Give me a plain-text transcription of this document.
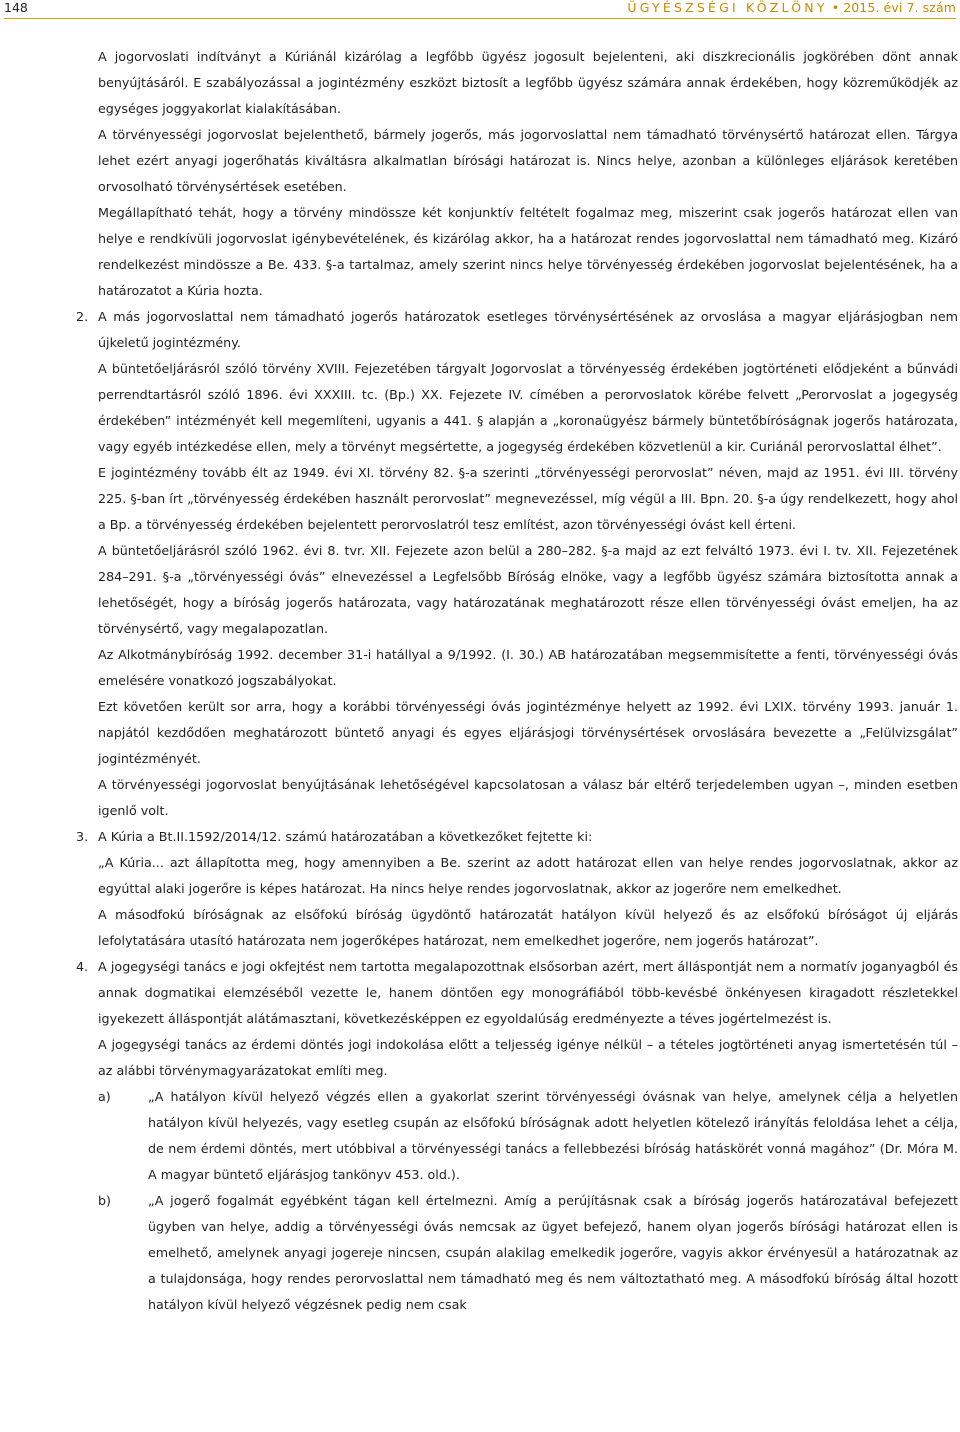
148	ÜGYÉSZSÉGI KÖZLÖNY • 2015. évi 7. szám

A jogorvoslati indítványt a Kúriánál kizárólag a legfőbb ügyész jogosult bejelenteni, aki diszkrecionális jogkörében dönt annak benyújtásáról. E szabályozással a jogintézmény eszközt biztosít a legfőbb ügyész számára annak érdekében, hogy közreműködjék az egységes joggyakorlat kialakításában.

A törvényességi jogorvoslat bejelenthető, bármely jogerős, más jogorvoslattal nem támadható törvénysértő határozat ellen. Tárgya lehet ezért anyagi jogerőhatás kiváltásra alkalmatlan bírósági határozat is. Nincs helye, azonban a különleges eljárások keretében orvosolható törvénysértések esetében.

Megállapítható tehát, hogy a törvény mindössze két konjunktív feltételt fogalmaz meg, miszerint csak jogerős határozat ellen van helye e rendkívüli jogorvoslat igénybevételének, és kizárólag akkor, ha a határozat rendes jogorvoslattal nem támadható meg. Kizáró rendelkezést mindössze a Be. 433. §-a tartalmaz, amely szerint nincs helye törvényesség érdekében jogorvoslat bejelentésének, ha a határozatot a Kúria hozta.

2. A más jogorvoslattal nem támadható jogerős határozatok esetleges törvénysértésének az orvoslása a magyar eljárásjogban nem újkeletű jogintézmény.

A büntetőeljárásról szóló törvény XVIII. Fejezetében tárgyalt Jogorvoslat a törvényesség érdekében jogtörténeti elődjeként a bűnvádi perrendtartásról szóló 1896. évi XXXIII. tc. (Bp.) XX. Fejezete IV. címében a perorvoslatok körébe felvett „Perorvoslat a jogegység érdekében” intézményét kell megemlíteni, ugyanis a 441. § alapján a „koronaügyész bármely büntetőbíróságnak jogerős határozata, vagy egyéb intézkedése ellen, mely a törvényt megsértette, a jogegység érdekében közvetlenül a kir. Curiánál perorvoslattal élhet”.

E jogintézmény tovább élt az 1949. évi XI. törvény 82. §-a szerinti „törvényességi perorvoslat” néven, majd az 1951. évi III. törvény 225. §-ban írt „törvényesség érdekében használt perorvoslat” megnevezéssel, míg végül a III. Bpn. 20. §-a úgy rendelkezett, hogy ahol a Bp. a törvényesség érdekében bejelentett perorvoslatról tesz említést, azon törvényességi óvást kell érteni.

A büntetőeljárásról szóló 1962. évi 8. tvr. XII. Fejezete azon belül a 280–282. §-a majd az ezt felváltó 1973. évi I. tv. XII. Fejezetének 284–291. §-a „törvényességi óvás” elnevezéssel a Legfelsőbb Bíróság elnöke, vagy a legfőbb ügyész számára biztosította annak a lehetőségét, hogy a bíróság jogerős határozata, vagy határozatának meghatározott része ellen törvényességi óvást emeljen, ha az törvénysértő, vagy megalapozatlan.

Az Alkotmánybíróság 1992. december 31-i hatállyal a 9/1992. (I. 30.) AB határozatában megsemmisítette a fenti, törvényességi óvás emelésére vonatkozó jogszabályokat.

Ezt követően került sor arra, hogy a korábbi törvényességi óvás jogintézménye helyett az 1992. évi LXIX. törvény 1993. január 1. napjától kezdődően meghatározott büntető anyagi és egyes eljárásjogi törvénysértések orvoslására bevezette a „Felülvizsgálat” jogintézményét.

A törvényességi jogorvoslat benyújtásának lehetőségével kapcsolatosan a válasz bár eltérő terjedelemben ugyan –, minden esetben igenlő volt.

3. A Kúria a Bt.II.1592/2014/12. számú határozatában a következőket fejtette ki:

„A Kúria... azt állapította meg, hogy amennyiben a Be. szerint az adott határozat ellen van helye rendes jogorvoslatnak, akkor az egyúttal alaki jogerőre is képes határozat. Ha nincs helye rendes jogorvoslatnak, akkor az jogerőre nem emelkedhet.

A másodfokú bíróságnak az elsőfokú bíróság ügydöntő határozatát hatályon kívül helyező és az elsőfokú bíróságot új eljárás lefolytatására utasító határozata nem jogerőképes határozat, nem emelkedhet jogerőre, nem jogerős határozat”.

4. A jogegységi tanács e jogi okfejtést nem tartotta megalapozottnak elsősorban azért, mert álláspontját nem a normatív joganyagból és annak dogmatikai elemzéséből vezette le, hanem döntően egy monográfiából több-kevésbé önkényesen kiragadott részletekkel igyekezett álláspontját alátámasztani, következésképpen ez egyoldalúság eredményezte a téves jogértelmezést is.

A jogegységi tanács az érdemi döntés jogi indokolása előtt a teljesség igénye nélkül – a tételes jogtörténeti anyag ismertetésén túl – az alábbi törvénymagyarázatokat említi meg.

a)	„A hatályon kívül helyező végzés ellen a gyakorlat szerint törvényességi óvásnak van helye, amelynek célja a helyetlen hatályon kívül helyezés, vagy esetleg csupán az elsőfokú bíróságnak adott helyetlen kötelező irányítás feloldása lehet a célja, de nem érdemi döntés, mert utóbbival a törvényességi tanács a fellebbezési bíróság hatáskörét vonná magához” (Dr. Móra M. A magyar büntető eljárásjog tankönyv 453. old.).

b)	„A jogerő fogalmát egyébként tágan kell értelmezni. Amíg a perújításnak csak a bíróság jogerős határozatával befejezett ügyben van helye, addig a törvényességi óvás nemcsak az ügyet befejező, hanem olyan jogerős bírósági határozat ellen is emelhető, amelynek anyagi jogereje nincsen, csupán alakilag emelkedik jogerőre, vagyis akkor érvényesül a határozatnak az a tulajdonsága, hogy rendes perorvoslattal nem támadható meg és nem változtatható meg. A másodfokú bíróság által hozott hatályon kívül helyező végzésnek pedig nem csak
